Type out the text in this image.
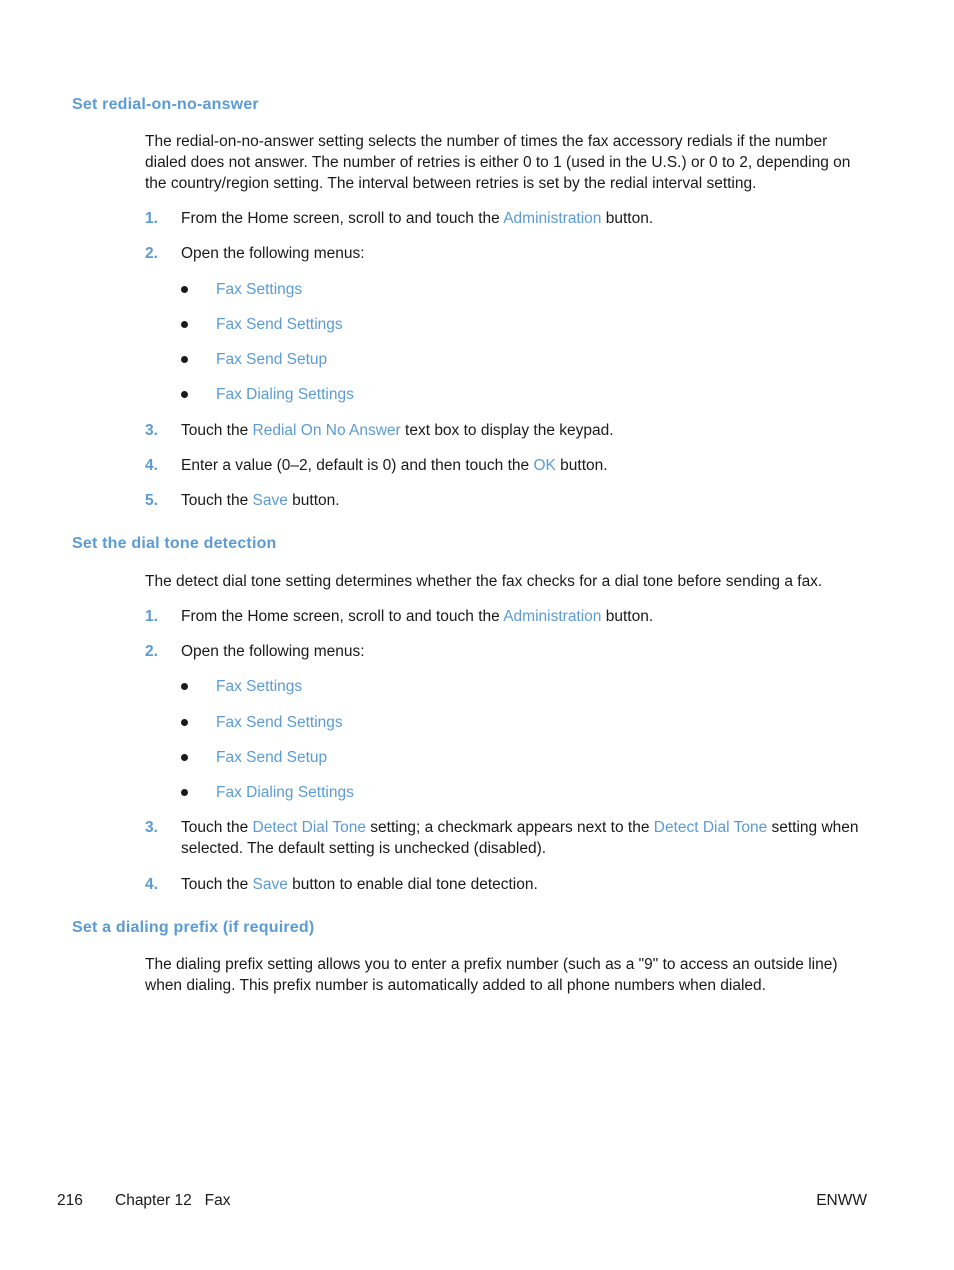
Set redial-on-no-answer

The redial-on-no-answer setting selects the number of times the fax accessory redials if the number dialed does not answer. The number of retries is either 0 to 1 (used in the U.S.) or 0 to 2, depending on the country/region setting. The interval between retries is set by the redial interval setting.

1. From the Home screen, scroll to and touch the Administration button.
2. Open the following menus:
Fax Settings
Fax Send Settings
Fax Send Setup
Fax Dialing Settings
3. Touch the Redial On No Answer text box to display the keypad.
4. Enter a value (0–2, default is 0) and then touch the OK button.
5. Touch the Save button.
Set the dial tone detection

The detect dial tone setting determines whether the fax checks for a dial tone before sending a fax.

1. From the Home screen, scroll to and touch the Administration button.
2. Open the following menus:
Fax Settings
Fax Send Settings
Fax Send Setup
Fax Dialing Settings
3. Touch the Detect Dial Tone setting; a checkmark appears next to the Detect Dial Tone setting when selected. The default setting is unchecked (disabled).
4. Touch the Save button to enable dial tone detection.
Set a dialing prefix (if required)

The dialing prefix setting allows you to enter a prefix number (such as a "9" to access an outside line) when dialing. This prefix number is automatically added to all phone numbers when dialed.

216 Chapter 12   Fax	ENWW
